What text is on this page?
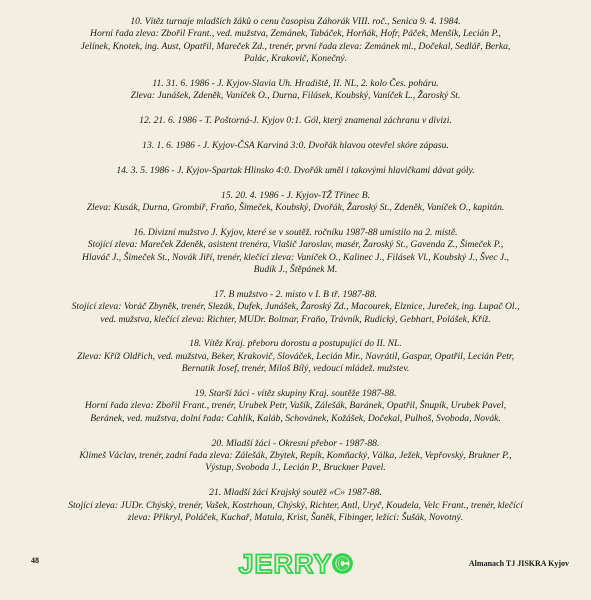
10. Vítěz turnaje mladších žáků o cenu časopisu Záhorák VIII. roč., Senica 9. 4. 1984.
Horní řada zleva: Zbořil Frant., ved. mužstva, Zemánek, Tabáček, Horňák, Hofr, Páček, Menšík, Lecián P.,
Jelínek, Knotek, ing. Aust, Opatřil, Mareček Zd., trenér, první řada zleva: Zemánek ml., Dočekal, Sedlář, Berka,
Palác, Krakovič, Konečný.
11. 31. 6. 1986 - J. Kyjov-Slavia Uh. Hradiště, II. NL, 2. kolo Čes. poháru.
Zleva: Junášek, Zdeněk, Vaníček O., Durna, Filásek, Koubský, Vaníček L., Žaroský St.
12. 21. 6. 1986 - T. Poštorná-J. Kyjov 0:1. Gól, který znamenal záchranu v divizi.
13. 1. 6. 1986 - J. Kyjov-ČSA Karviná 3:0. Dvořák hlavou otevřel skóre zápasu.
14. 3. 5. 1986 - J. Kyjov-Spartak Hlinsko 4:0. Dvořák uměl i takovými hlavičkami dávat góly.
15. 20. 4. 1986 - J. Kyjov-TŽ Třinec B.
Zleva: Kusák, Durna, Grombíř, Fraňo, Šimeček, Koubský, Dvořák, Žaroský St., Zdeněk, Vaníček O., kapitán.
16. Divizní mužstvo J. Kyjov, které se v soutěž. ročníku 1987-88 umístilo na 2. místě.
Stojící zleva: Mareček Zdeněk, asistent trenéra, Vlašič Jaroslav, masér, Žaroský St., Gavenda Z., Šimeček P.,
Hlaváč J., Šimeček St., Novák Jiří, trenér, klečící zleva: Vaníček O., Kalinec J., Filásek Vl., Koubský J., Švec J.,
Budík J., Štěpánek M.
17. B mužstvo - 2. místo v I. B tř. 1987-88.
Stojící zleva: Voráč Zbyněk, trenér, Slezák, Dufek, Junášek, Žaroský Zd., Macourek, Elznice, Jureček, ing. Lupač Ol.,
ved. mužstva, klečící zleva: Richter, MUDr. Boltnar, Fraňo, Trávník, Rudický, Gebhart, Polášek, Kříž.
18. Vítěz Kraj. přeboru dorostu a postupující do II. NL.
Zleva: Kříž Oldřich, ved. mužstva, Beker, Krakovič, Slováček, Lecián Mir., Navrátil, Gaspar, Opatřil, Lecián Petr,
Bernatík Josef, trenér, Miloš Bílý, vedoucí mládež. mužstev.
19. Starší žáci - vítěz skupiny Kraj. soutěže 1987-88.
Horní řada zleva: Zbořil Frant., trenér, Urubek Petr, Vašík, Zálešák, Baránek, Opatřil, Šnupík, Urubek Pavel,
Beránek, ved. mužstva, dolní řada: Cahlík, Kaláb, Schovánek, Kožášek, Dočekal, Pulhoš, Svoboda, Novák.
20. Mladší žáci - Okresní přebor - 1987-88.
Klimeš Václav, trenér, zadní řada zleva: Zálešák, Zbytek, Repík, Komňacký, Válka, Ježek, Vepřovský, Brukner P.,
Výstup, Svoboda J., Lecián P., Bruckner Pavel.
21. Mladší žáci Krajský soutěž «C» 1987-88.
Stojící zleva: JUDr. Chýský, trenér, Vašek, Kostrhoun, Chýský, Richter, Antl, Uryč, Koudela, Velc Frant., trenér, klečící
zleva: Přikryl, Poláček, Kuchař, Matula, Krist, Šaněk, Fibinger, ležící: Šušák, Novotný.
48	JERRY©	Almanach TJ JISKRA Kyjov
